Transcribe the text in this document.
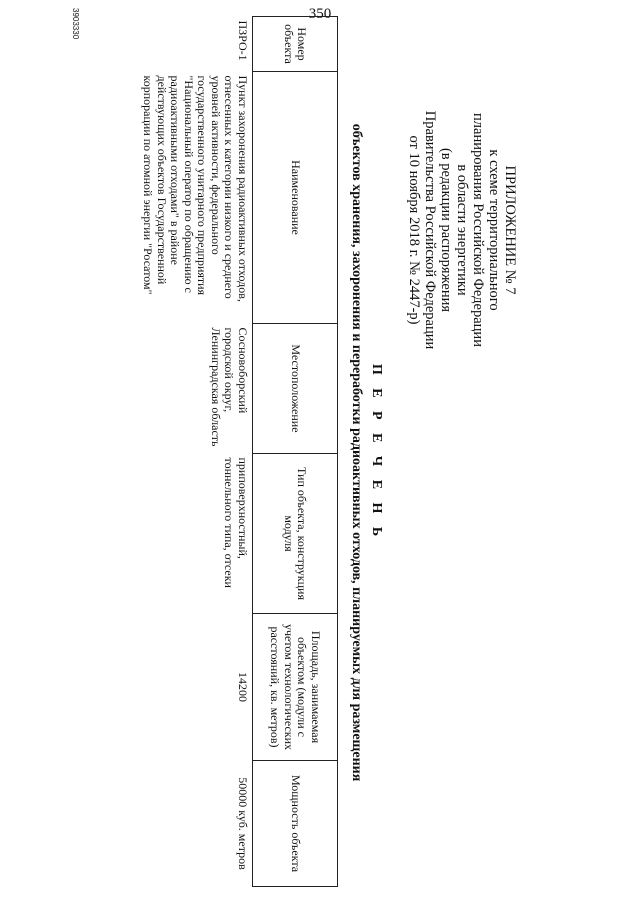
350
ПРИЛОЖЕНИЕ № 7
к схеме территориального
планирования Российской Федерации
в области энергетики
(в редакции распоряжения
Правительства Российской Федерации
от 10 ноября 2018 г. № 2447-р)
П Е Р Е Ч Е Н Ь
объектов хранения, захоронения и переработки радиоактивных отходов, планируемых для размещения
Номер объекта	Наименование	Местоположение	Тип объекта, конструкция модуля	Площадь, занимаемая объектом (модули с учетом технологических расстояний, кв. метров)	Мощность объекта
ПЗРО-1	Пункт захоронения радиоактивных отходов, отнесенных к категории низкого и среднего уровней активности, федерального государственного унитарного предприятия "Национальный оператор по обращению с радиоактивными отходами" в районе действующих объектов Государственной корпорации по атомной энергии "Росатом"	Сосновоборский городской округ, Ленинградская область	приповерхностный, тоннельного типа, отсеки	14200	50000 куб. метров
3903330
